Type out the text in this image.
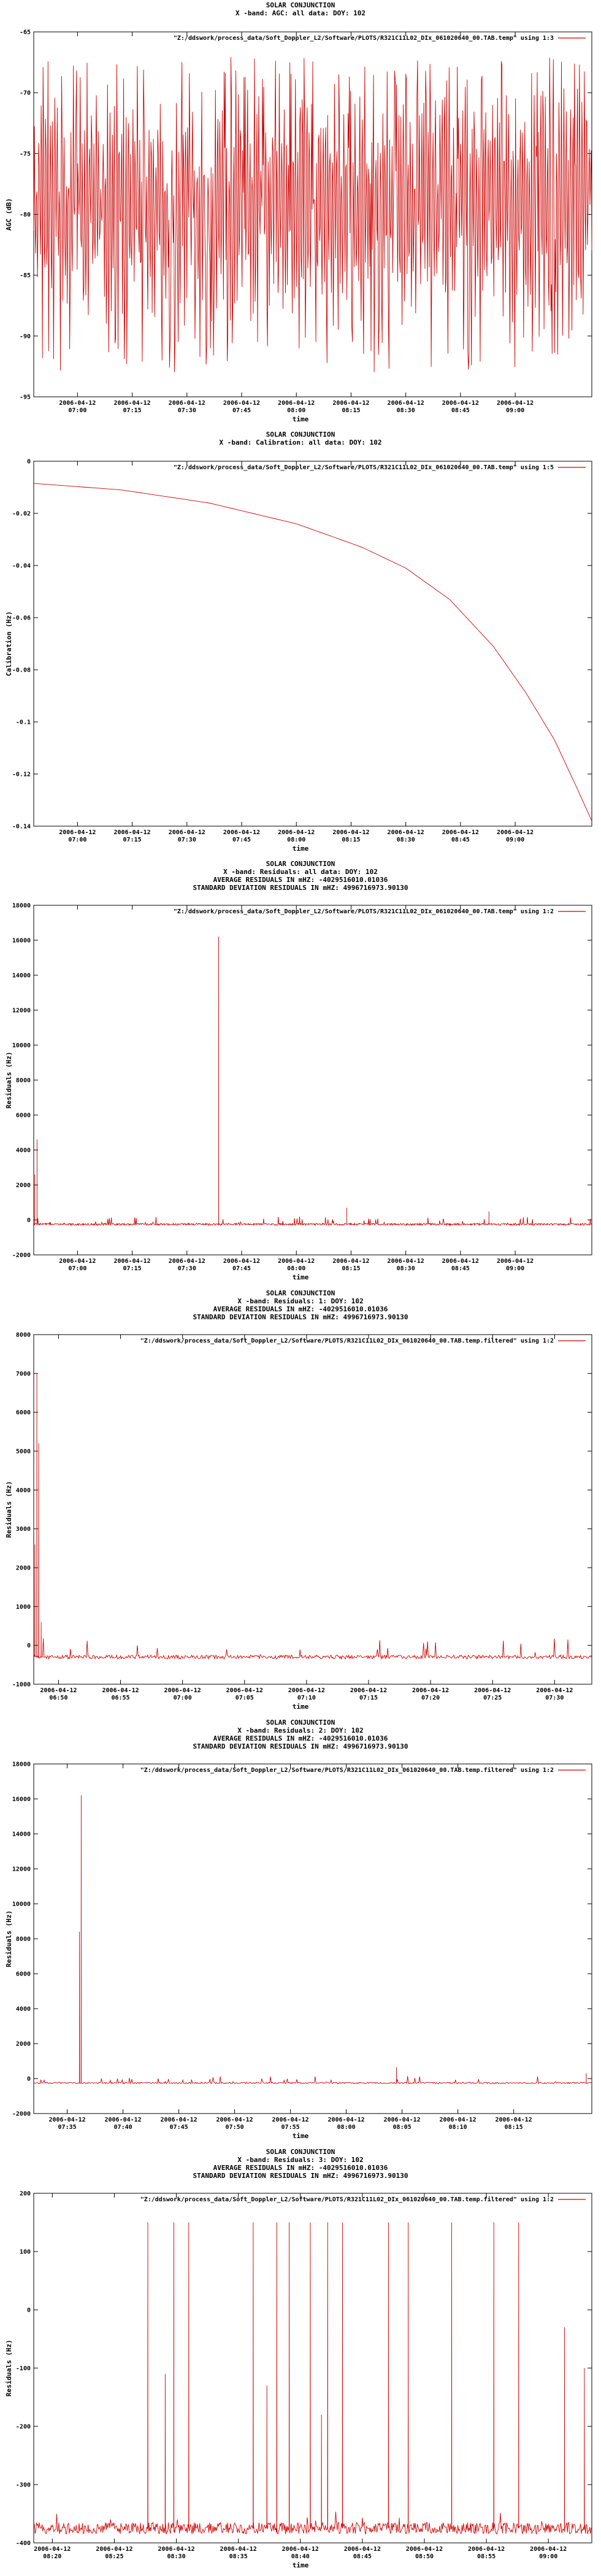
SOLAR CONJUNCTION
X -band: AGC: all data: DOY: 102
-95
-90
-85
-80
-75
-70
-65
2006-04-12
07:00
2006-04-12
07:15
2006-04-12
07:30
2006-04-12
07:45
2006-04-12
08:00
2006-04-12
08:15
2006-04-12
08:30
2006-04-12
08:45
2006-04-12
09:00
time
AGC (dB)
"Z:/ddswork/process_data/Soft_Doppler_L2/Software/PLOTS/R321C11L02_DIx_061020640_00.TAB.temp" using 1:3
SOLAR CONJUNCTION
X -band: Calibration: all data: DOY: 102
-0.14
-0.12
-0.1
-0.08
-0.06
-0.04
-0.02
0
2006-04-12
07:00
2006-04-12
07:15
2006-04-12
07:30
2006-04-12
07:45
2006-04-12
08:00
2006-04-12
08:15
2006-04-12
08:30
2006-04-12
08:45
2006-04-12
09:00
time
Calibration (Hz)
"Z:/ddswork/process_data/Soft_Doppler_L2/Software/PLOTS/R321C11L02_DIx_061020640_00.TAB.temp" using 1:5
SOLAR CONJUNCTION
X -band: Residuals: all data: DOY: 102
AVERAGE RESIDUALS IN mHZ: -4029516010.01036
STANDARD DEVIATION RESIDUALS IN mHZ: 4996716973.90130
-2000
0
2000
4000
6000
8000
10000
12000
14000
16000
18000
2006-04-12
07:00
2006-04-12
07:15
2006-04-12
07:30
2006-04-12
07:45
2006-04-12
08:00
2006-04-12
08:15
2006-04-12
08:30
2006-04-12
08:45
2006-04-12
09:00
time
Residuals (Hz)
"Z:/ddswork/process_data/Soft_Doppler_L2/Software/PLOTS/R321C11L02_DIx_061020640_00.TAB.temp" using 1:2
SOLAR CONJUNCTION
X -band: Residuals: 1: DOY: 102
AVERAGE RESIDUALS IN mHZ: -4029516010.01036
STANDARD DEVIATION RESIDUALS IN mHZ: 4996716973.90130
-1000
0
1000
2000
3000
4000
5000
6000
7000
8000
2006-04-12
06:50
2006-04-12
06:55
2006-04-12
07:00
2006-04-12
07:05
2006-04-12
07:10
2006-04-12
07:15
2006-04-12
07:20
2006-04-12
07:25
2006-04-12
07:30
time
Residuals (Hz)
"Z:/ddswork/process_data/Soft_Doppler_L2/Software/PLOTS/R321C11L02_DIx_061020640_00.TAB.temp.filtered" using 1:2
SOLAR CONJUNCTION
X -band: Residuals: 2: DOY: 102
AVERAGE RESIDUALS IN mHZ: -4029516010.01036
STANDARD DEVIATION RESIDUALS IN mHZ: 4996716973.90130
-2000
0
2000
4000
6000
8000
10000
12000
14000
16000
18000
2006-04-12
07:35
2006-04-12
07:40
2006-04-12
07:45
2006-04-12
07:50
2006-04-12
07:55
2006-04-12
08:00
2006-04-12
08:05
2006-04-12
08:10
2006-04-12
08:15
time
Residuals (Hz)
"Z:/ddswork/process_data/Soft_Doppler_L2/Software/PLOTS/R321C11L02_DIx_061020640_00.TAB.temp.filtered" using 1:2
SOLAR CONJUNCTION
X -band: Residuals: 3: DOY: 102
AVERAGE RESIDUALS IN mHZ: -4029516010.01036
STANDARD DEVIATION RESIDUALS IN mHZ: 4996716973.90130
-400
-300
-200
-100
0
100
200
2006-04-12
08:20
2006-04-12
08:25
2006-04-12
08:30
2006-04-12
08:35
2006-04-12
08:40
2006-04-12
08:45
2006-04-12
08:50
2006-04-12
08:55
2006-04-12
09:00
time
Residuals (Hz)
"Z:/ddswork/process_data/Soft_Doppler_L2/Software/PLOTS/R321C11L02_DIx_061020640_00.TAB.temp.filtered" using 1:2
